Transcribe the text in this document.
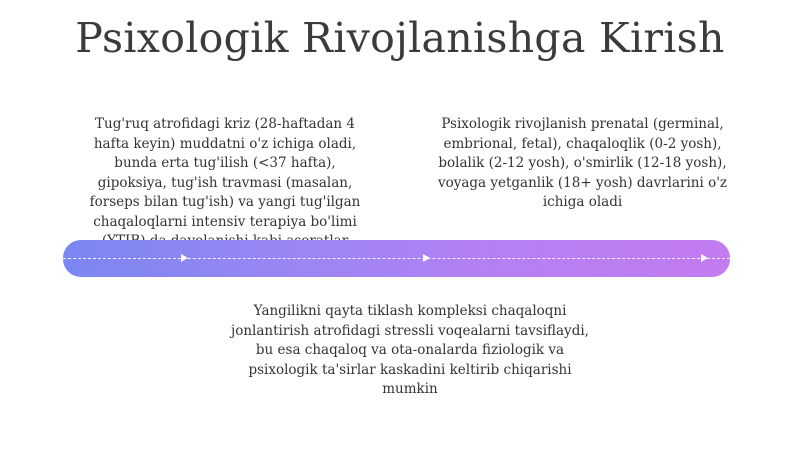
Psixologik Rivojlanishga Kirish
Tug'ruq atrofidagi kriz (28-haftadan 4 hafta keyin) muddatni o'z ichiga oladi, bunda erta tug'ilish (<37 hafta), gipoksiya, tug'ish travmasi (masalan, forseps bilan tug'ish) va yangi tug'ilgan chaqaloqlarni intensiv terapiya bo'limi
Psixologik rivojlanish prenatal (germinal, embrional, fetal), chaqaloqlik (0-2 yosh), bolalik (2-12 yosh), o'smirlik (12-18 yosh), voyaga yetganlik (18+ yosh) davrlarini o'z ichiga oladi
Yangilikni qayta tiklash kompleksi chaqaloqni jonlantirish atrofidagi stressli voqealarni tavsiflaydi, bu esa chaqaloq va ota-onalarda fiziologik va psixologik ta'sirlar kaskadini keltirib chiqarishi mumkin
